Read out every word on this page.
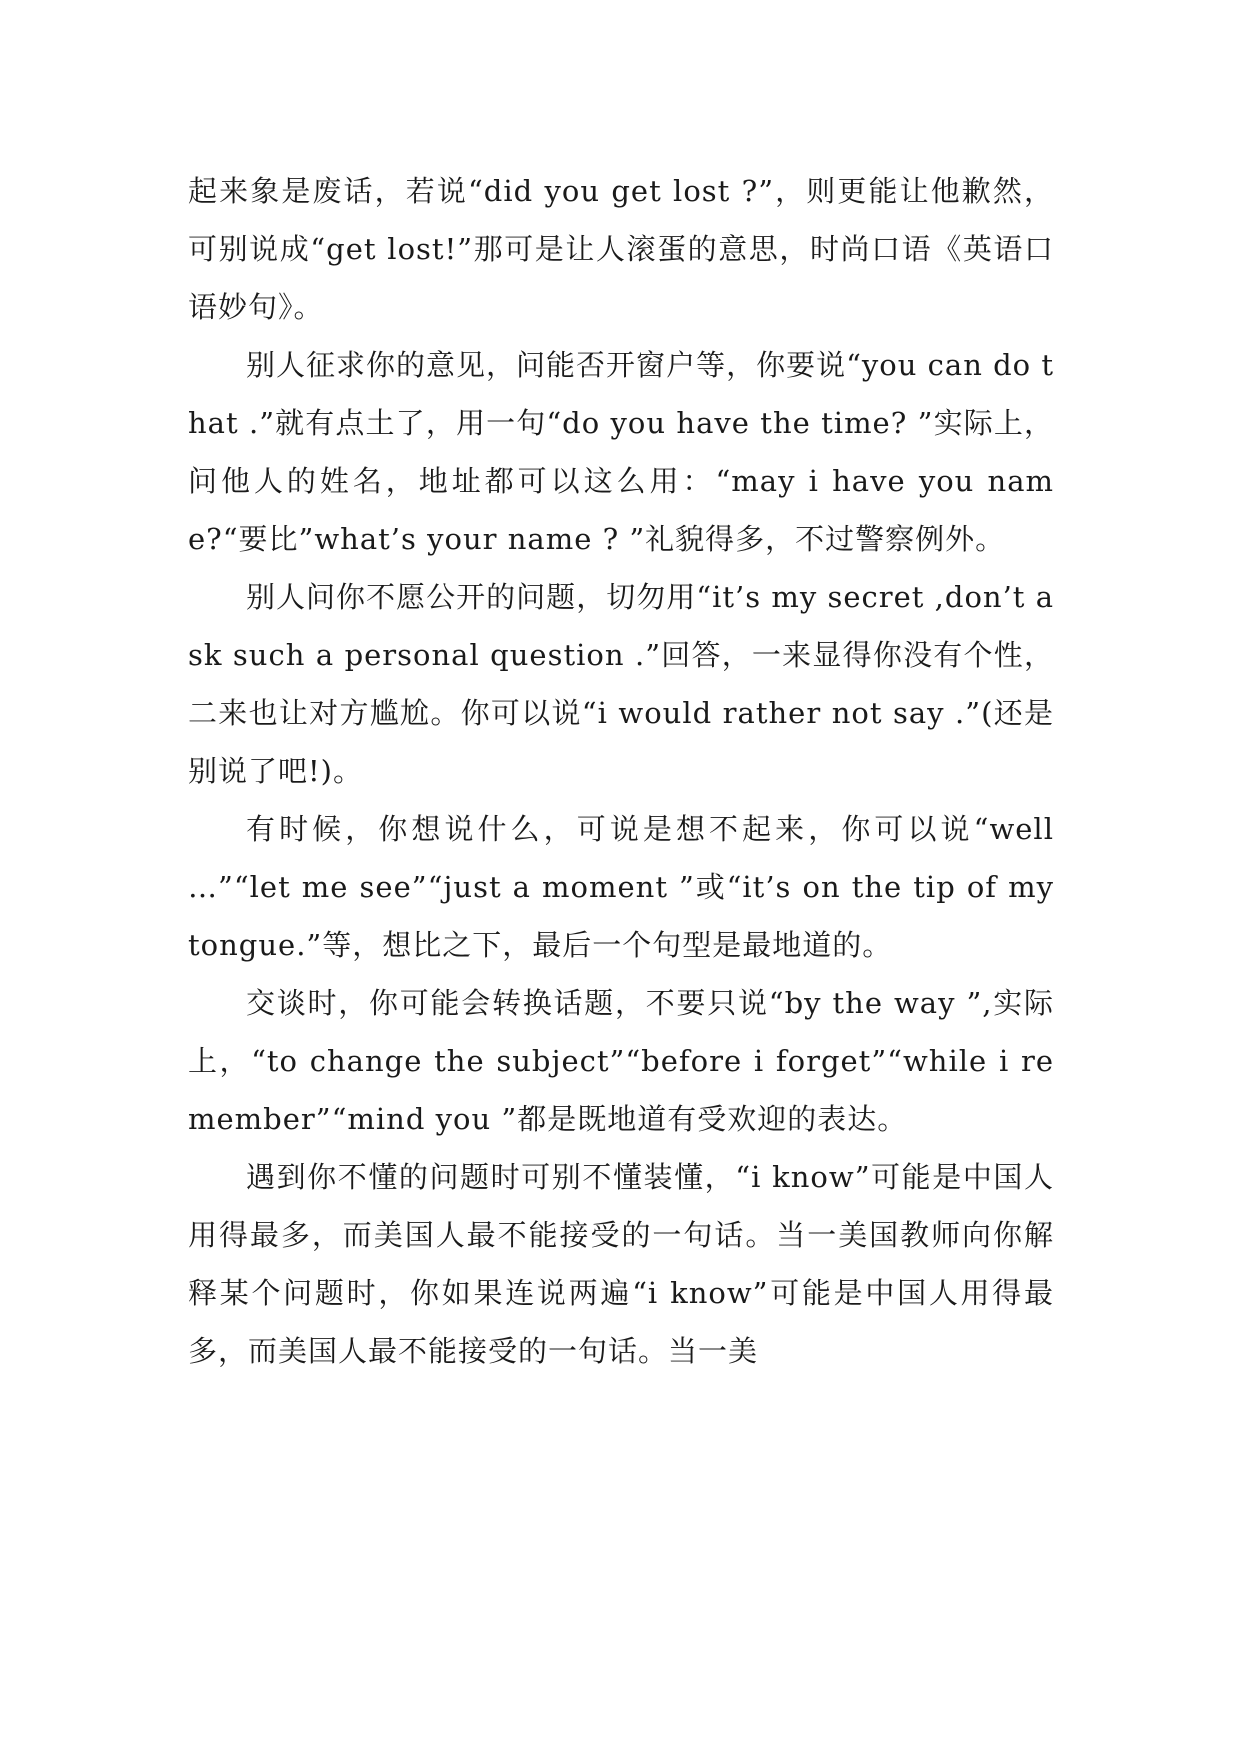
起来象是废话，若说“did you get lost ?”，则更能让他歉然，可别说成“get lost!”那可是让人滚蛋的意思，时尚口语《英语口语妙句》。

别人征求你的意见，问能否开窗户等，你要说“you can do that .”就有点土了，用一句“do you have the time? ”实际上，问他人的姓名，地址都可以这么用：“may i have you name?“要比”what’s your name ? ”礼貌得多，不过警察例外。

别人问你不愿公开的问题，切勿用“it’s my secret ,don’t ask such a personal question .”回答，一来显得你没有个性，二来也让对方尴尬。你可以说“i would rather not say .”(还是别说了吧!)。

有时候，你想说什么，可说是想不起来，你可以说“well …”“let me see”“just a moment ”或“it’s on the tip of my tongue.”等，想比之下，最后一个句型是最地道的。

交谈时，你可能会转换话题，不要只说“by the way ”,实际上，“to change the subject”“before i forget”“while i remember”“mind you ”都是既地道有受欢迎的表达。

遇到你不懂的问题时可别不懂装懂，“i know”可能是中国人用得最多，而美国人最不能接受的一句话。当一美国教师向你解释某个问题时，你如果连说两遍“i know”可能是中国人用得最多，而美国人最不能接受的一句话。当一美
